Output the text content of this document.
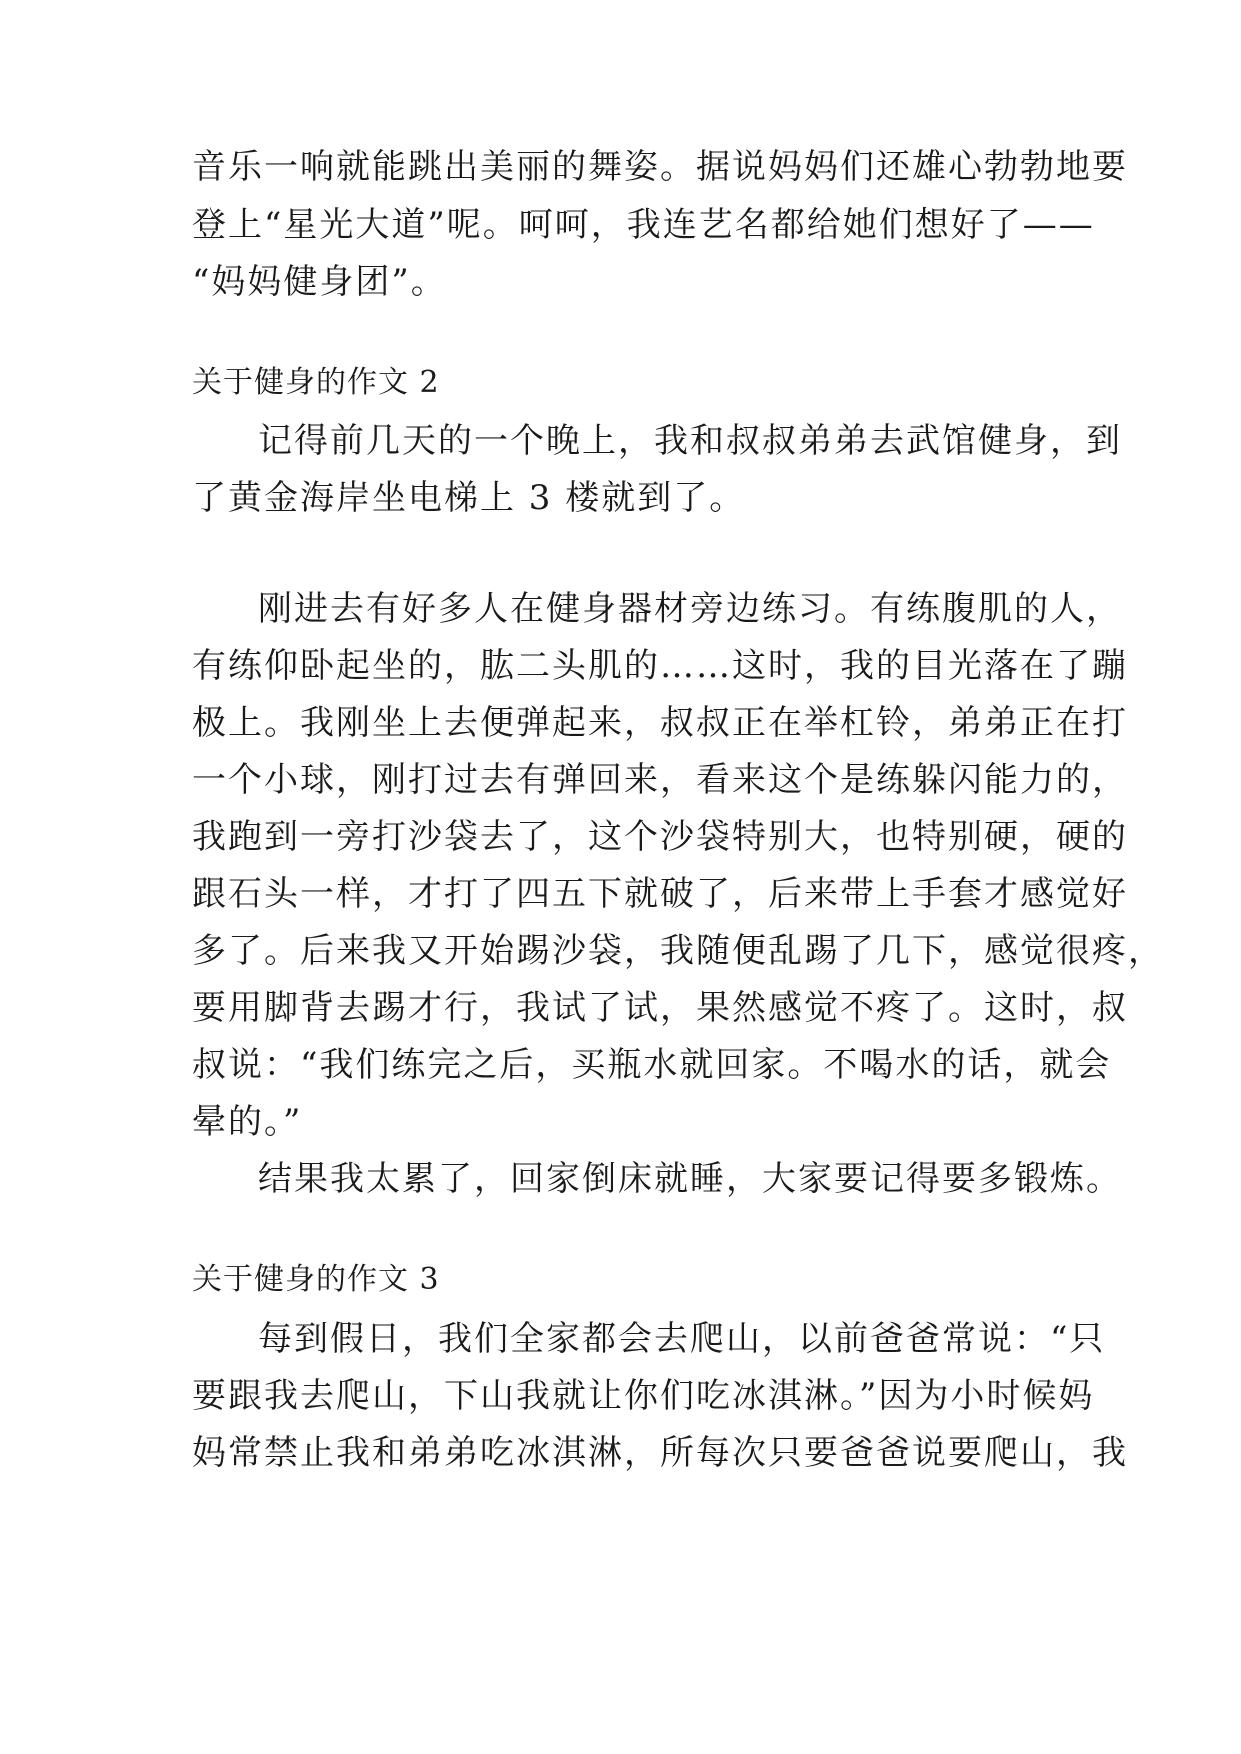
音乐一响就能跳出美丽的舞姿。据说妈妈们还雄心勃勃地要
登上“星光大道”呢。呵呵，我连艺名都给她们想好了——
“妈妈健身团”。
关于健身的作文 2
记得前几天的一个晚上，我和叔叔弟弟去武馆健身，到
了黄金海岸坐电梯上 3 楼就到了。
刚进去有好多人在健身器材旁边练习。有练腹肌的人，
有练仰卧起坐的，肱二头肌的……这时，我的目光落在了蹦
极上。我刚坐上去便弹起来，叔叔正在举杠铃，弟弟正在打
一个小球，刚打过去有弹回来，看来这个是练躲闪能力的，
我跑到一旁打沙袋去了，这个沙袋特别大，也特别硬，硬的
跟石头一样，才打了四五下就破了，后来带上手套才感觉好
多了。后来我又开始踢沙袋，我随便乱踢了几下，感觉很疼，
要用脚背去踢才行，我试了试，果然感觉不疼了。这时，叔
叔说：“我们练完之后，买瓶水就回家。不喝水的话，就会
晕的。”
结果我太累了，回家倒床就睡，大家要记得要多锻炼。
关于健身的作文 3
每到假日，我们全家都会去爬山，以前爸爸常说：“只
要跟我去爬山，下山我就让你们吃冰淇淋。”因为小时候妈
妈常禁止我和弟弟吃冰淇淋，所每次只要爸爸说要爬山，我
